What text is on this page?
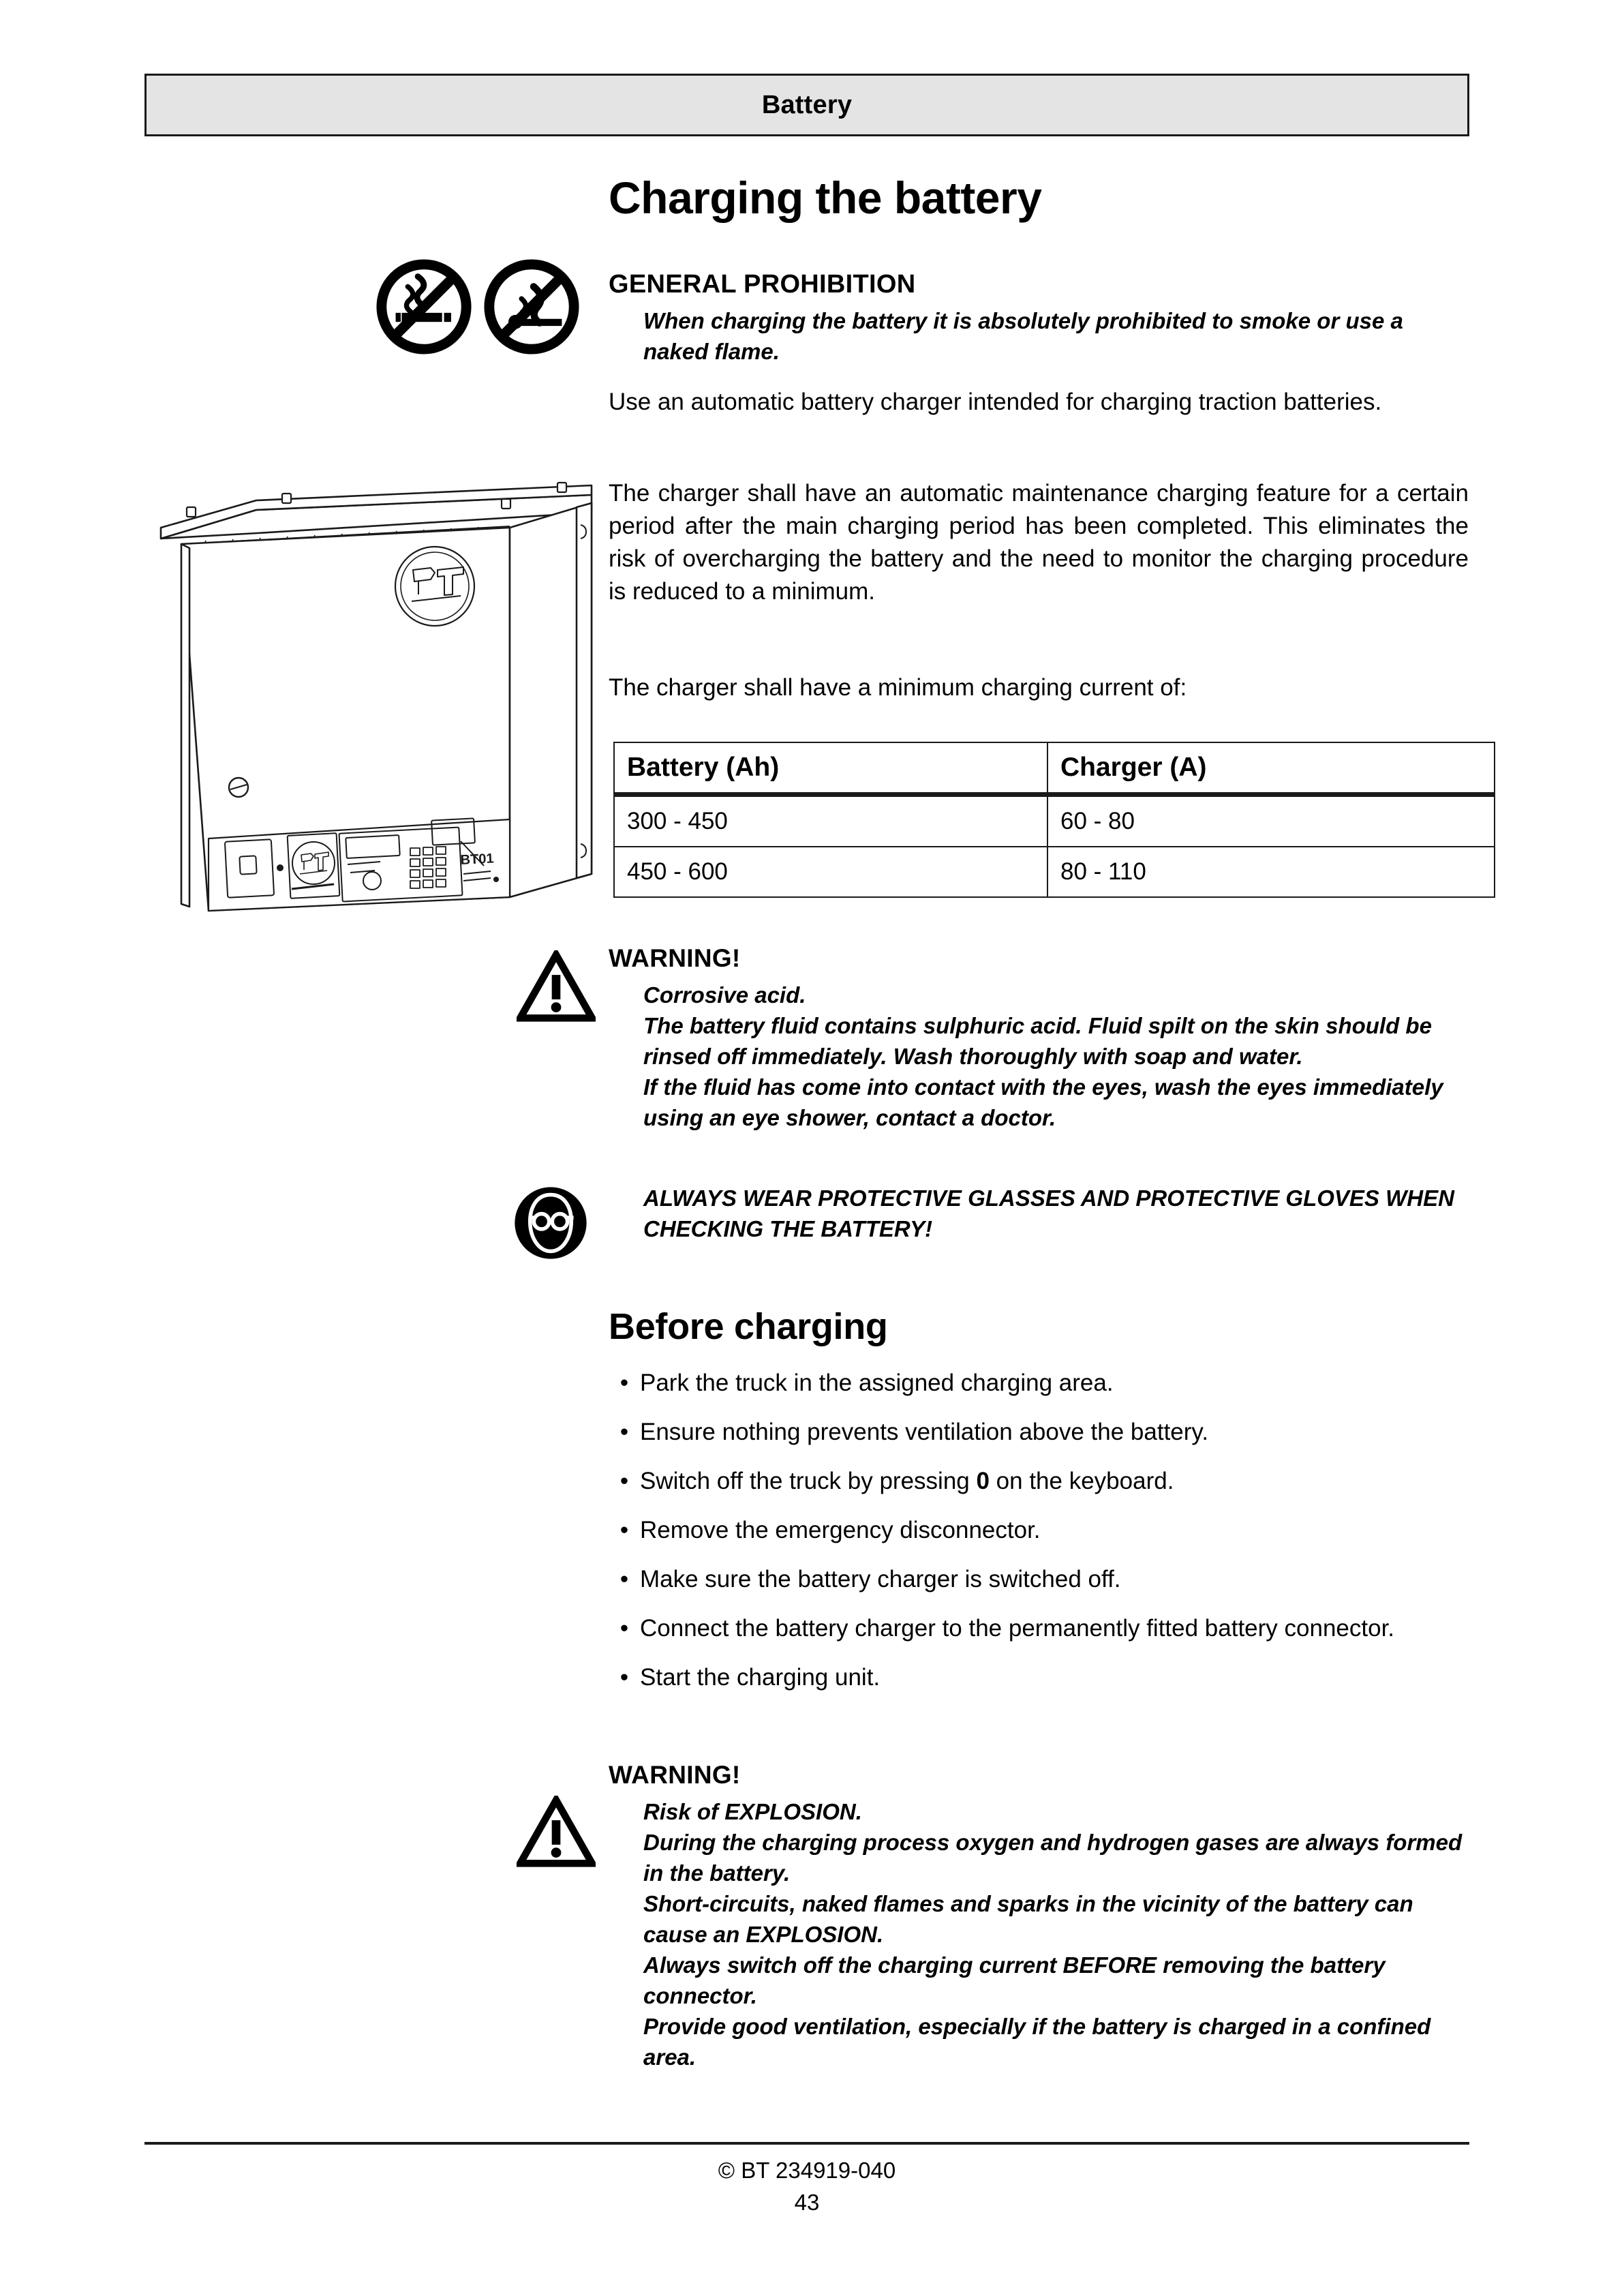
Battery
Charging the battery
GENERAL PROHIBITION
When charging the battery it is absolutely prohibited to smoke or use a naked flame.
Use an automatic battery charger intended for charging traction batteries.
The charger shall have an automatic maintenance charging feature for a certain period after the main charging period has been completed. This eliminates the risk of overcharging the battery and the need to monitor the charging procedure is reduced to a minimum.
The charger shall have a minimum charging current of:
BT01
Battery (Ah)	Charger (A)
300 - 450	60 - 80
450 - 600	80 - 110
WARNING!
Corrosive acid.
The battery fluid contains sulphuric acid. Fluid spilt on the skin should be rinsed off immediately. Wash thoroughly with soap and water.
If the fluid has come into contact with the eyes, wash the eyes immediately using an eye shower, contact a doctor.
ALWAYS WEAR PROTECTIVE GLASSES AND PROTECTIVE GLOVES WHEN CHECKING THE BATTERY!
Before charging
• Park the truck in the assigned charging area.
• Ensure nothing prevents ventilation above the battery.
• Switch off the truck by pressing 0 on the keyboard.
• Remove the emergency disconnector.
• Make sure the battery charger is switched off.
• Connect the battery charger to the permanently fitted battery connector.
• Start the charging unit.
WARNING!
Risk of EXPLOSION.
During the charging process oxygen and hydrogen gases are always formed in the battery.
Short-circuits, naked flames and sparks in the vicinity of the battery can cause an EXPLOSION.
Always switch off the charging current BEFORE removing the battery connector.
Provide good ventilation, especially if the battery is charged in a confined area.
© BT 234919-040
43
